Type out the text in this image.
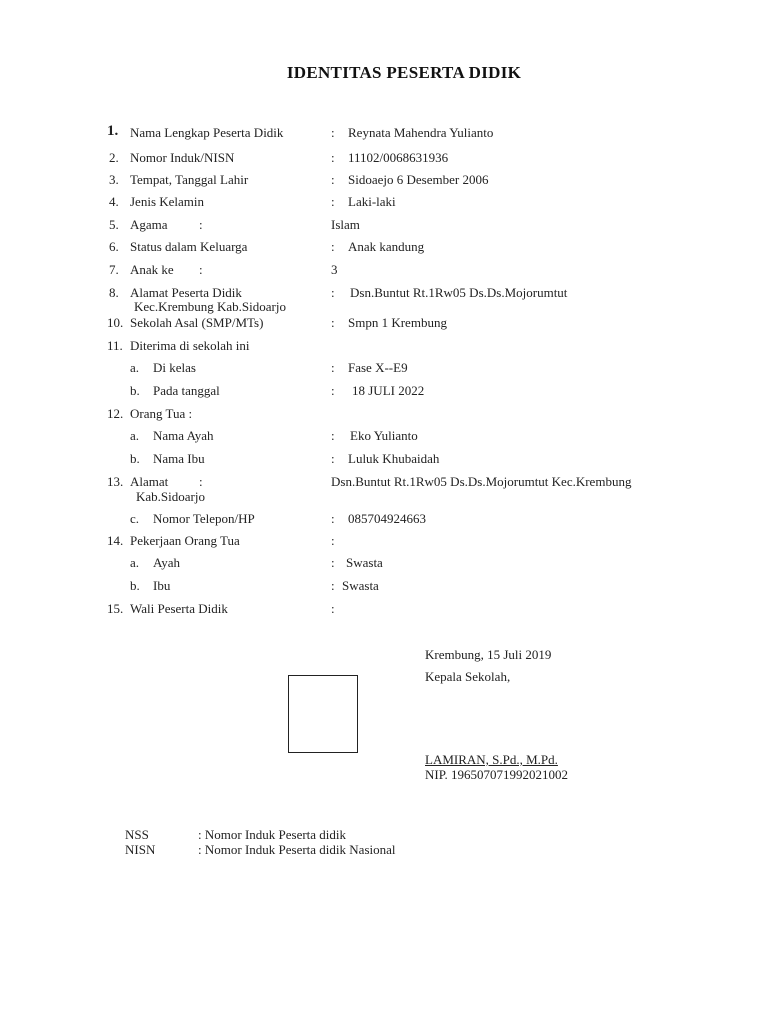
IDENTITAS PESERTA DIDIK
1. Nama Lengkap Peserta Didik	: Reynata Mahendra Yulianto
2. Nomor Induk/NISN	: 11102/0068631936
3. Tempat, Tanggal Lahir	: Sidoaejo 6 Desember 2006
4. Jenis Kelamin	: Laki-laki
5. Agama :	Islam
6. Status dalam Keluarga	: Anak kandung
7. Anak ke :	3
8. Alamat Peserta Didik	: Dsn.Buntut Rt.1Rw05 Ds.Ds.Mojorumtut
Kec.Krembung Kab.Sidoarjo
10. Sekolah Asal (SMP/MTs)	: Smpn 1 Krembung
11. Diterima di sekolah ini
a. Di kelas	: Fase X--E9
b. Pada tanggal	: 18 JULI 2022
12. Orang Tua :
a. Nama Ayah	: Eko Yulianto
b. Nama Ibu	: Luluk Khubaidah
13. Alamat :	Dsn.Buntut Rt.1Rw05 Ds.Ds.Mojorumtut Kec.Krembung
Kab.Sidoarjo
c. Nomor Telepon/HP	: 085704924663
14. Pekerjaan Orang Tua	:
a. Ayah	: Swasta
b. Ibu	: Swasta
15. Wali Peserta Didik	:
Krembung, 15 Juli 2019
Kepala Sekolah,
LAMIRAN, S.Pd., M.Pd.
NIP. 196507071992021002
NSS	: Nomor Induk Peserta didik
NISN	: Nomor Induk Peserta didik Nasional
